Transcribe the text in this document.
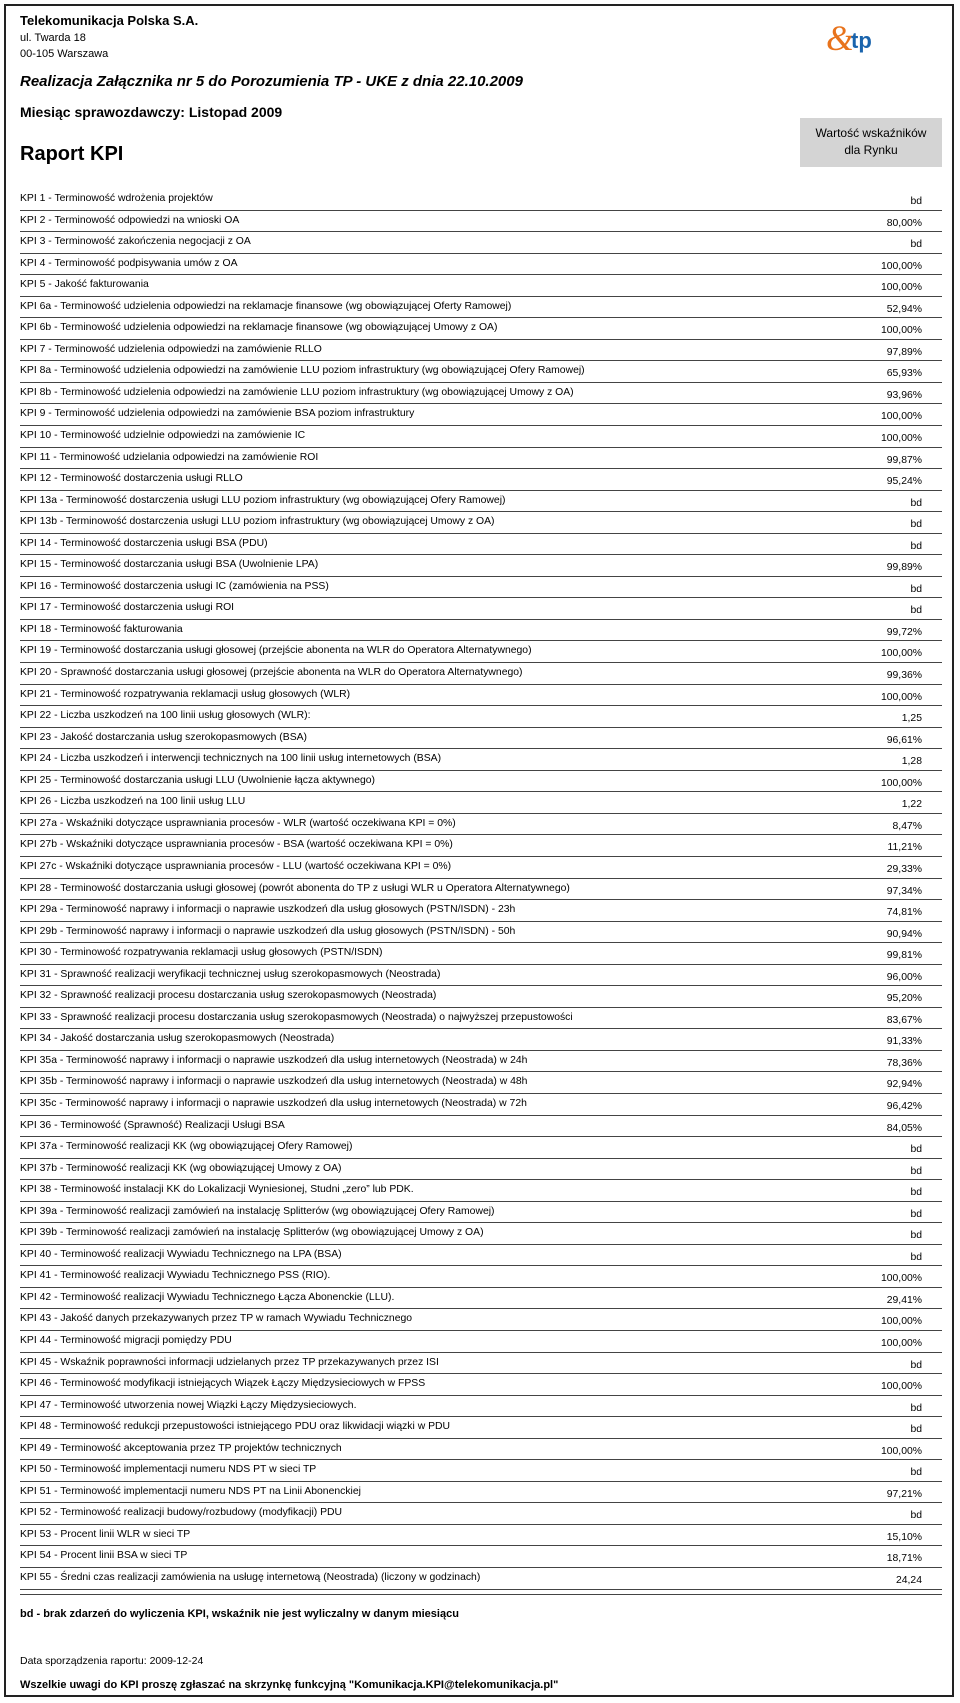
Telekomunikacja Polska S.A.
ul. Twarda 18
00-105 Warszawa	&
tp
Realizacja Załącznika nr 5 do Porozumienia TP - UKE z dnia 22.10.2009
Miesiąc sprawozdawczy: Listopad 2009
Raport KPI
Wartość wskaźników
dla Rynku
KPI 1 - Terminowość wdrożenia projektów	bd
KPI 2 - Terminowość odpowiedzi na wnioski OA	80,00%
KPI 3 - Terminowość zakończenia negocjacji z OA	bd
KPI 4 - Terminowość podpisywania umów z OA	100,00%
KPI 5 - Jakość fakturowania	100,00%
KPI 6a - Terminowość udzielenia odpowiedzi na reklamacje finansowe (wg obowiązującej Oferty Ramowej)	52,94%
KPI 6b - Terminowość udzielenia odpowiedzi na reklamacje finansowe (wg obowiązującej Umowy z OA)	100,00%
KPI 7 - Terminowość udzielenia odpowiedzi na zamówienie RLLO	97,89%
KPI 8a - Terminowość udzielenia odpowiedzi na zamówienie LLU poziom infrastruktury (wg obowiązującej Ofery Ramowej)	65,93%
KPI 8b - Terminowość udzielenia odpowiedzi na zamówienie LLU poziom infrastruktury (wg obowiązującej Umowy z OA)	93,96%
KPI 9 - Terminowość udzielenia odpowiedzi na zamówienie BSA poziom infrastruktury	100,00%
KPI 10 - Terminowość udzielnie odpowiedzi na zamówienie IC	100,00%
KPI 11 - Terminowość udzielania odpowiedzi na zamówienie ROI	99,87%
KPI 12 - Terminowość dostarczenia usługi RLLO	95,24%
KPI 13a - Terminowość dostarczenia usługi LLU poziom infrastruktury (wg obowiązującej Ofery Ramowej)	bd
KPI 13b - Terminowość dostarczenia usługi LLU poziom infrastruktury (wg obowiązującej Umowy z OA)	bd
KPI 14 - Terminowość dostarczenia usługi BSA (PDU)	bd
KPI 15 - Terminowość dostarczania usługi BSA (Uwolnienie LPA)	99,89%
KPI 16 - Terminowość dostarczenia usługi IC (zamówienia na PSS)	bd
KPI 17 - Terminowość dostarczenia usługi ROI	bd
KPI 18 - Terminowość fakturowania	99,72%
KPI 19 - Terminowość dostarczania usługi głosowej (przejście abonenta na WLR do Operatora Alternatywnego)	100,00%
KPI 20 - Sprawność dostarczania usługi głosowej (przejście abonenta na WLR do Operatora Alternatywnego)	99,36%
KPI 21 - Terminowość rozpatrywania reklamacji usług głosowych (WLR)	100,00%
KPI 22 - Liczba uszkodzeń na 100 linii usług głosowych (WLR):	1,25
KPI 23 - Jakość dostarczania usług szerokopasmowych (BSA)	96,61%
KPI 24 - Liczba uszkodzeń i interwencji technicznych na 100 linii usług internetowych (BSA)	1,28
KPI 25 - Terminowość dostarczania usługi LLU (Uwolnienie łącza aktywnego)	100,00%
KPI 26 - Liczba uszkodzeń na 100 linii usług LLU	1,22
KPI 27a - Wskaźniki dotyczące usprawniania procesów - WLR (wartość oczekiwana KPI = 0%)	8,47%
KPI 27b - Wskaźniki dotyczące usprawniania procesów - BSA (wartość oczekiwana KPI = 0%)	11,21%
KPI 27c - Wskaźniki dotyczące usprawniania procesów - LLU (wartość oczekiwana KPI = 0%)	29,33%
KPI 28 - Terminowość dostarczania usługi głosowej (powrót abonenta do TP z usługi WLR u Operatora Alternatywnego)	97,34%
KPI 29a - Terminowość naprawy i informacji o naprawie uszkodzeń dla usług głosowych (PSTN/ISDN) - 23h	74,81%
KPI 29b - Terminowość naprawy i informacji o naprawie uszkodzeń dla usług głosowych (PSTN/ISDN) - 50h	90,94%
KPI 30 - Terminowość rozpatrywania reklamacji usług głosowych (PSTN/ISDN)	99,81%
KPI 31 - Sprawność realizacji weryfikacji technicznej usług szerokopasmowych (Neostrada)	96,00%
KPI 32 - Sprawność realizacji procesu dostarczania usług szerokopasmowych (Neostrada)	95,20%
KPI 33 - Sprawność realizacji procesu dostarczania usług szerokopasmowych (Neostrada) o najwyższej przepustowości	83,67%
KPI 34 - Jakość dostarczania usług szerokopasmowych (Neostrada)	91,33%
KPI 35a - Terminowość naprawy i informacji o naprawie uszkodzeń dla usług internetowych (Neostrada) w 24h	78,36%
KPI 35b - Terminowość naprawy i informacji o naprawie uszkodzeń dla usług internetowych (Neostrada) w 48h	92,94%
KPI 35c - Terminowość naprawy i informacji o naprawie uszkodzeń dla usług internetowych (Neostrada) w 72h	96,42%
KPI 36 - Terminowość (Sprawność) Realizacji Usługi BSA	84,05%
KPI 37a - Terminowość realizacji KK (wg obowiązującej Ofery Ramowej)	bd
KPI 37b - Terminowość realizacji KK (wg obowiązującej Umowy z OA)	bd
KPI 38 - Terminowość instalacji KK do Lokalizacji Wyniesionej, Studni „zero” lub PDK.	bd
KPI 39a - Terminowość realizacji zamówień na instalację Splitterów (wg obowiązującej Ofery Ramowej)	bd
KPI 39b - Terminowość realizacji zamówień na instalację Splitterów (wg obowiązującej Umowy z OA)	bd
KPI 40 - Terminowość realizacji Wywiadu Technicznego na LPA (BSA)	bd
KPI 41 - Terminowość realizacji Wywiadu Technicznego PSS (RIO).	100,00%
KPI 42 - Terminowość realizacji Wywiadu Technicznego Łącza Abonenckie (LLU).	29,41%
KPI 43 - Jakość danych przekazywanych przez TP w ramach Wywiadu Technicznego	100,00%
KPI 44 - Terminowość migracji pomiędzy PDU	100,00%
KPI 45 - Wskaźnik poprawności informacji udzielanych przez TP przekazywanych przez ISI	bd
KPI 46 - Terminowość modyfikacji istniejących Wiązek Łączy Międzysieciowych w FPSS	100,00%
KPI 47 - Terminowość utworzenia nowej Wiązki Łączy Międzysieciowych.	bd
KPI 48 - Terminowość redukcji przepustowości istniejącego PDU oraz likwidacji wiązki w PDU	bd
KPI 49 - Terminowość akceptowania przez TP projektów technicznych	100,00%
KPI 50 - Terminowość implementacji numeru NDS PT w sieci TP	bd
KPI 51 - Terminowość implementacji numeru NDS PT na Linii Abonenckiej	97,21%
KPI 52 - Terminowość realizacji budowy/rozbudowy (modyfikacji) PDU	bd
KPI 53 - Procent linii WLR w sieci TP	15,10%
KPI 54 - Procent linii BSA w sieci TP	18,71%
KPI 55 - Średni czas realizacji zamówienia na usługę internetową (Neostrada) (liczony w godzinach)	24,24
bd - brak zdarzeń do wyliczenia KPI, wskaźnik nie jest wyliczalny w danym miesiącu
Data sporządzenia raportu: 2009-12-24
Wszelkie uwagi do KPI proszę zgłaszać na skrzynkę funkcyjną "Komunikacja.KPI@telekomunikacja.pl"
